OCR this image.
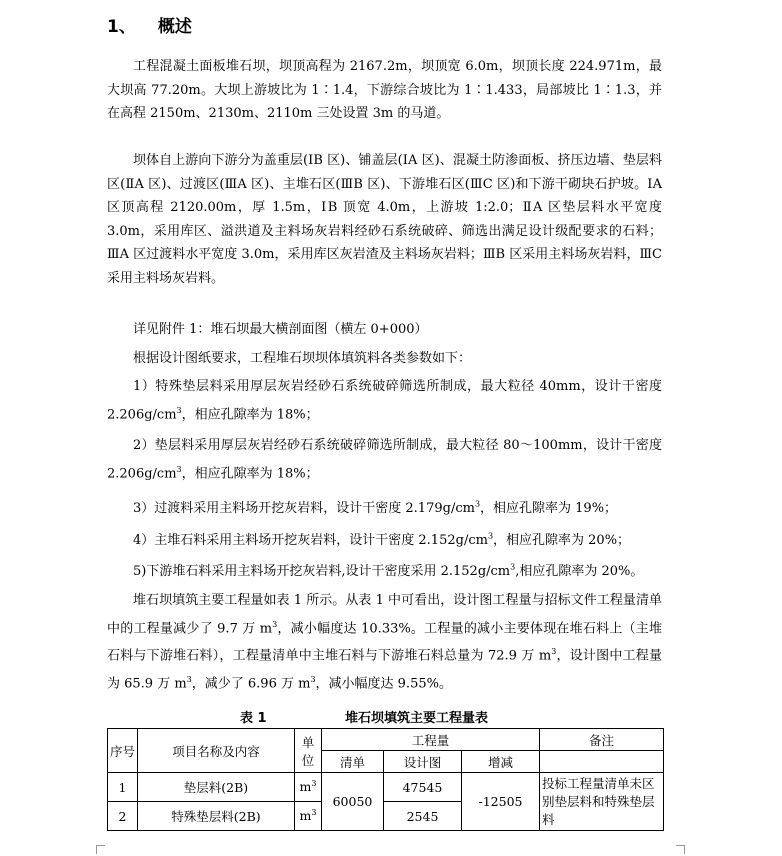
1、 概述
工程混凝土面板堆石坝，坝顶高程为 2167.2m，坝顶宽 6.0m，坝顶长度 224.971m，最大坝高 77.20m。大坝上游坡比为 1∶1.4，下游综合坡比为 1∶1.433，局部坡比 1∶1.3，并在高程 2150m、2130m、2110m 三处设置 3m 的马道。
坝体自上游向下游分为盖重层(ⅠB 区)、铺盖层(ⅠA 区)、混凝土防渗面板、挤压边墙、垫层料区(ⅡA 区)、过渡区(ⅢA 区)、主堆石区(ⅢB 区)、下游堆石区(ⅢC 区)和下游干砌块石护坡。ⅠA 区顶高程 2120.00m，厚 1.5m，ⅠB 顶宽 4.0m，上游坡 1:2.0；ⅡA 区垫层料水平宽度 3.0m，采用库区、溢洪道及主料场灰岩料经砂石系统破碎、筛选出满足设计级配要求的石料；ⅢA 区过渡料水平宽度 3.0m，采用库区灰岩渣及主料场灰岩料；ⅢB 区采用主料场灰岩料，ⅢC 采用主料场灰岩料。
详见附件 1：堆石坝最大横剖面图（横左 0+000）
根据设计图纸要求，工程堆石坝坝体填筑料各类参数如下：
1）特殊垫层料采用厚层灰岩经砂石系统破碎筛选所制成，最大粒径 40mm，设计干密度 $2.206g/cm^3$，相应孔隙率为 18%；
2）垫层料采用厚层灰岩经砂石系统破碎筛选所制成，最大粒径 80～100mm，设计干密度 $2.206g/cm^3$，相应孔隙率为 18%；
3）过渡料采用主料场开挖灰岩料，设计干密度 $2.179g/cm^3$，相应孔隙率为 19%；
4）主堆石料采用主料场开挖灰岩料，设计干密度 $2.152g/cm^3$，相应孔隙率为 20%；
5)下游堆石料采用主料场开挖灰岩料,设计干密度采用 $2.152g/cm^3$,相应孔隙率为 20%。
堆石坝填筑主要工程量如表 1 所示。从表 1 中可看出，设计图工程量与招标文件工程量清单中的工程量减少了 9.7 万 $m^3$，减小幅度达 10.33%。工程量的减小主要体现在堆石料上（主堆石料与下游堆石料），工程量清单中主堆石料与下游堆石料总量为 72.9 万 $m^3$，设计图中工程量为 65.9 万 $m^3$，减少了 6.96 万 $m^3$，减小幅度达 9.55%。
表 1	堆石坝填筑主要工程量表
序号	项目名称及内容	单位	工程量			备注
			清单	设计图	增减	
1	垫层料(2B)	$m^3$	60050	47545	-12505	投标工程量清单未区别垫层料和特殊垫层料
2	特殊垫层料(2B)	$m^3$		2545		
